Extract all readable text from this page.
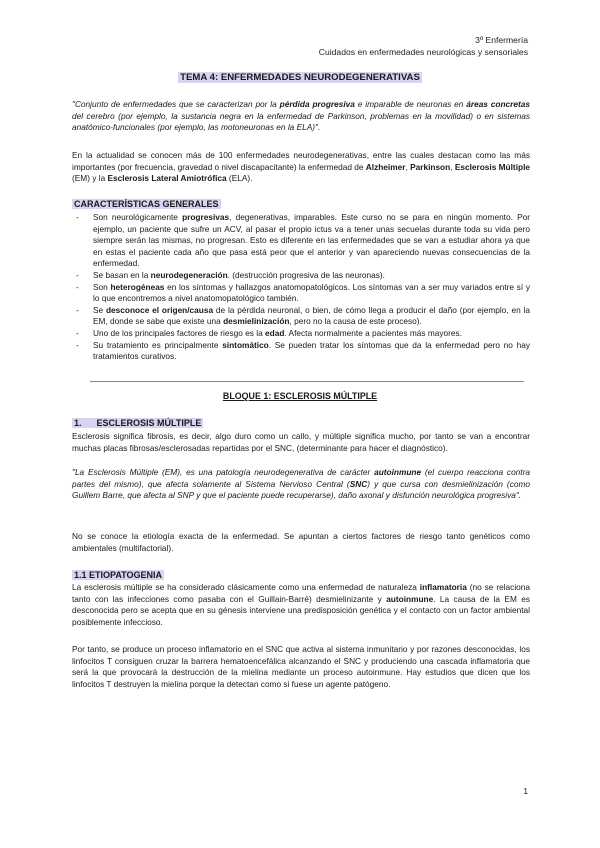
3º Enfermería
Cuidados en enfermedades neurológicas y sensoriales
TEMA 4: ENFERMEDADES NEURODEGENERATIVAS
"Conjunto de enfermedades que se caracterizan por la pérdida progresiva e imparable de neuronas en áreas concretas del cerebro (por ejemplo, la sustancia negra en la enfermedad de Parkinson, problemas en la movilidad) o en sistemas anatómico-funcionales (por ejemplo, las motoneuronas en la ELA)".
En la actualidad se conocen más de 100 enfermedades neurodegenerativas, entre las cuales destacan como las más importantes (por frecuencia, gravedad o nivel discapacitante) la enfermedad de Alzheimer, Parkinson, Esclerosis Múltiple (EM) y la Esclerosis Lateral Amiotrófica (ELA).
CARACTERÍSTICAS GENERALES
- Son neurológicamente progresivas, degenerativas, imparables. Este curso no se para en ningún momento. Por ejemplo, un paciente que sufre un ACV, al pasar el propio ictus va a tener unas secuelas durante toda su vida pero siempre serán las mismas, no progresan. Esto es diferente en las enfermedades que se van a estudiar ahora ya que en estas el paciente cada año que pasa está peor que el anterior y van apareciendo nuevas consecuencias de la enfermedad.
- Se basan en la neurodegeneración. (destrucción progresiva de las neuronas).
- Son heterogéneas en los síntomas y hallazgos anatomopatológicos. Los síntomas van a ser muy variados entre sí y lo que encontremos a nivel anatomopatológico también.
- Se desconoce el origen/causa de la pérdida neuronal, o bien, de cómo llega a producir el daño (por ejemplo, en la EM, donde se sabe que existe una desmielinización, pero no la causa de este proceso).
- Uno de los principales factores de riesgo es la edad. Afecta normalmente a pacientes más mayores.
- Su tratamiento es principalmente sintomático. Se pueden tratar los síntomas que da la enfermedad pero no hay tratamientos curativos.
BLOQUE 1: ESCLEROSIS MÚLTIPLE
1. ESCLEROSIS MÚLTIPLE
Esclerosis significa fibrosis, es decir, algo duro como un callo, y múltiple significa mucho, por tanto se van a encontrar muchas placas fibrosas/esclerosadas repartidas por el SNC, (determinante para hacer el diagnóstico).
"La Esclerosis Múltiple (EM), es una patología neurodegenerativa de carácter autoinmune (el cuerpo reacciona contra partes del mismo), que afecta solamente al Sistema Nervioso Central (SNC) y que cursa con desmielinización (como Guillem Barre, que afecta al SNP y que el paciente puede recuperarse), daño axonal y disfunción neurológica progresiva".
No se conoce la etiología exacta de la enfermedad. Se apuntan a ciertos factores de riesgo tanto genéticos como ambientales (multifactorial).
1.1 ETIOPATOGENIA
La esclerosis múltiple se ha considerado clásicamente como una enfermedad de naturaleza inflamatoria (no se relaciona tanto con las infecciones como pasaba con el Guillain-Barré) desmielinizante y autoinmune. La causa de la EM es desconocida pero se acepta que en su génesis interviene una predisposición genética y el contacto con un factor ambiental posiblemente infeccioso.
Por tanto, se produce un proceso inflamatorio en el SNC que activa al sistema inmunitario y por razones desconocidas, los linfocitos T consiguen cruzar la barrera hematoencefálica alcanzando el SNC y produciendo una cascada inflamatoria que será la que provocará la destrucción de la mielina mediante un proceso autoinmune. Hay estudios que dicen que los linfocitos T destruyen la mielina porque la detectan como si fuese un agente patógeno.
1
